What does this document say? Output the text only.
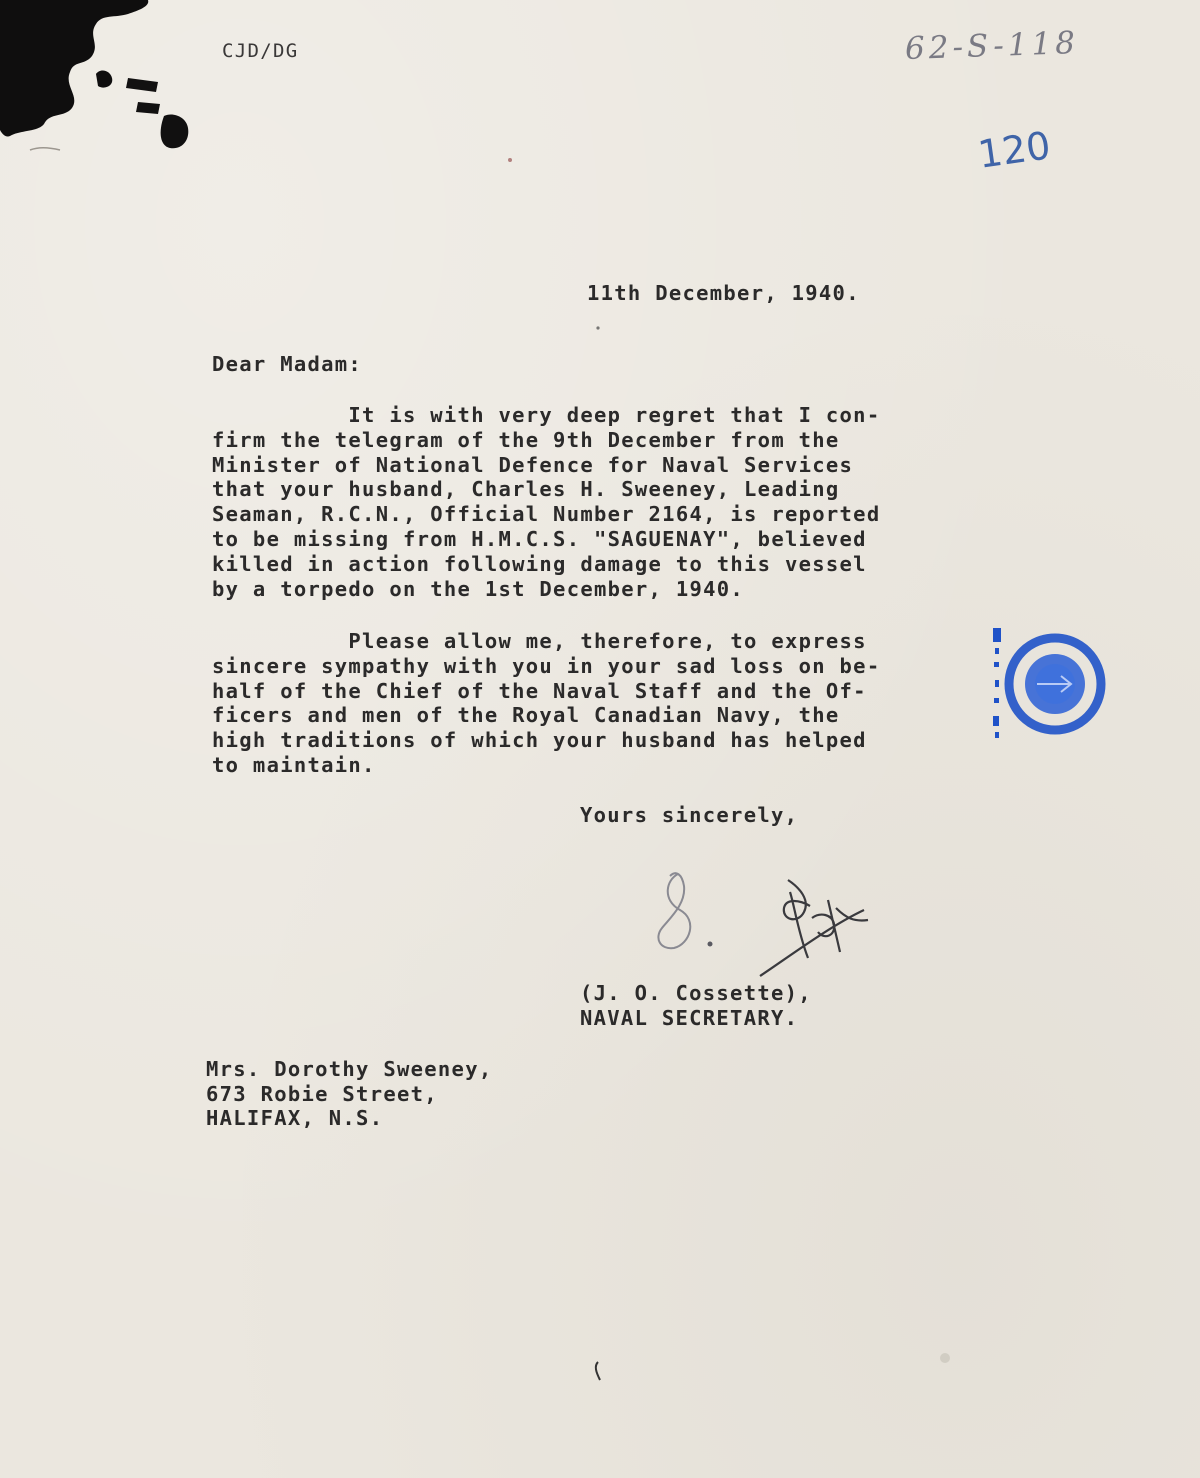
CJD/DG	62-S-118

120

11th December, 1940.

Dear Madam:

It is with very deep regret that I con-
firm the telegram of the 9th December from the
Minister of National Defence for Naval Services
that your husband, Charles H. Sweeney, Leading
Seaman, R.C.N., Official Number 2164, is reported
to be missing from H.M.C.S. "SAGUENAY", believed
killed in action following damage to this vessel
by a torpedo on the 1st December, 1940.

Please allow me, therefore, to express
sincere sympathy with you in your sad loss on be-
half of the Chief of the Naval Staff and the Of-
ficers and men of the Royal Canadian Navy, the
high traditions of which your husband has helped
to maintain.

Yours sincerely,

(J. O. Cossette),
NAVAL SECRETARY.

Mrs. Dorothy Sweeney,
673 Robie Street,
HALIFAX, N.S.
